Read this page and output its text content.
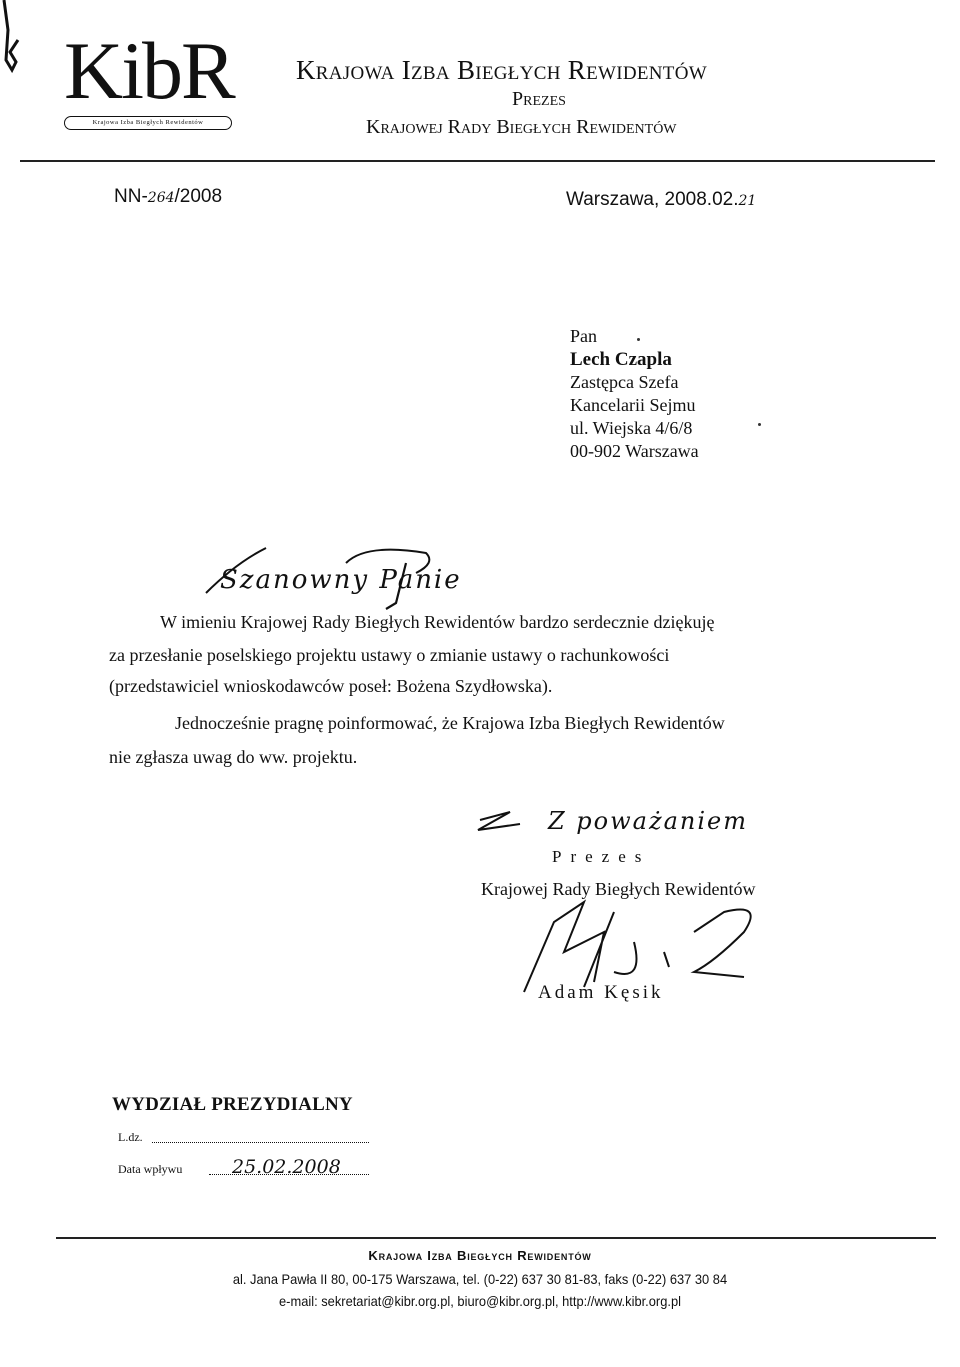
KibR
Krajowa Izba Biegłych Rewidentów
Krajowa Izba Biegłych Rewidentów
Prezes
Krajowej Rady Biegłych Rewidentów
NN-264/2008	Warszawa, 2008.02.21
Pan
Lech Czapla
Zastępca Szefa
Kancelarii Sejmu
ul. Wiejska 4/6/8
00-902 Warszawa
Szanowny Panie
W imieniu Krajowej Rady Biegłych Rewidentów bardzo serdecznie dziękuję
za przesłanie poselskiego projektu ustawy o zmianie ustawy o rachunkowości
(przedstawiciel wnioskodawców poseł: Bożena Szydłowska).
Jednocześnie pragnę poinformować, że Krajowa Izba Biegłych Rewidentów
nie zgłasza uwag do ww. projektu.
Z poważaniem
Prezes
Krajowej Rady Biegłych Rewidentów
Adam Kęsik
WYDZIAŁ PREZYDIALNY
L.dz.
Data wpływu	25.02.2008
Krajowa Izba Biegłych Rewidentów
al. Jana Pawła II 80, 00-175 Warszawa, tel. (0-22) 637 30 81-83, faks (0-22) 637 30 84
e-mail: sekretariat@kibr.org.pl, biuro@kibr.org.pl, http://www.kibr.org.pl
